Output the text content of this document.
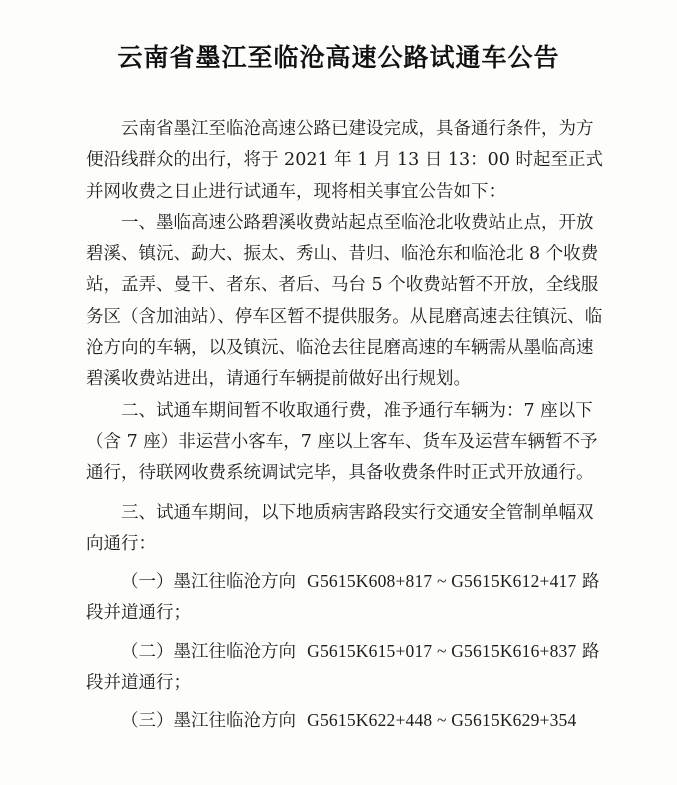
云南省墨江至临沧高速公路试通车公告

云南省墨江至临沧高速公路已建设完成，具备通行条件，为方便沿线群众的出行，将于 2021 年 1 月 13 日 13：00 时起至正式并网收费之日止进行试通车，现将相关事宜公告如下：

一、墨临高速公路碧溪收费站起点至临沧北收费站止点，开放碧溪、镇沅、勐大、振太、秀山、昔归、临沧东和临沧北 8 个收费站，孟弄、曼干、者东、者后、马台 5 个收费站暂不开放，全线服务区（含加油站）、停车区暂不提供服务。从昆磨高速去往镇沅、临沧方向的车辆，以及镇沅、临沧去往昆磨高速的车辆需从墨临高速碧溪收费站进出，请通行车辆提前做好出行规划。

二、试通车期间暂不收取通行费，准予通行车辆为：7 座以下（含 7 座）非运营小客车，7 座以上客车、货车及运营车辆暂不予通行，待联网收费系统调试完毕，具备收费条件时正式开放通行。

三、试通车期间，以下地质病害路段实行交通安全管制单幅双向通行：

（一）墨江往临沧方向 G5615K608+817 ~ G5615K612+417 路段并道通行；

（二）墨江往临沧方向 G5615K615+017 ~ G5615K616+837 路段并道通行；

（三）墨江往临沧方向 G5615K622+448 ~ G5615K629+354
